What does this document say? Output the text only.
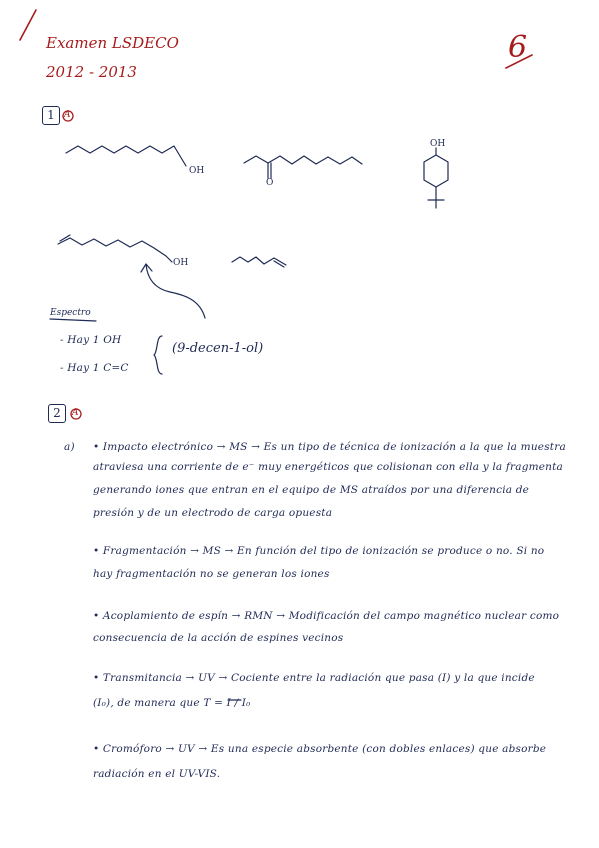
Examen LSDECO
2012 - 2013
6
1	A
OH
O
OH
OH
Espectro
- Hay 1 OH
- Hay 1 C=C
(9-decen-1-ol)
2	A
a) • Impacto electrónico → MS → Es un tipo de técnica de ionización a la que la muestra
atraviesa una corriente de e⁻ muy energéticos que colisionan con ella y la fragmenta
generando iones que entran en el equipo de MS atraídos por una diferencia de
presión y de un electrodo de carga opuesta
• Fragmentación → MS → En función del tipo de ionización se produce o no. Si no
hay fragmentación no se generan los iones
• Acoplamiento de espín → RMN → Modificación del campo magnético nuclear como
consecuencia de la acción de espines vecinos
• Transmitancia → UV → Cociente entre la radiación que pasa (I) y la que incide
(I₀), de manera que T = I / I₀
• Cromóforo → UV → Es una especie absorbente (con dobles enlaces) que absorbe
radiación en el UV-VIS.
